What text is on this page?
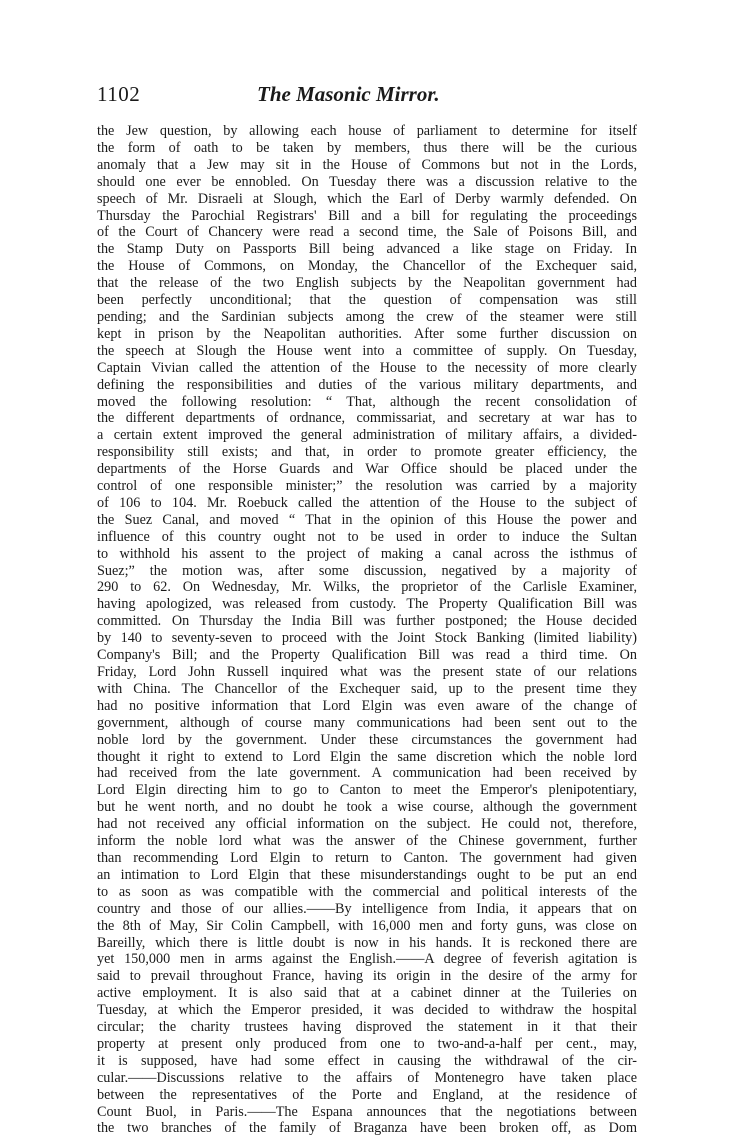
1102	The Masonic Mirror.
the Jew question, by allowing each house of parliament to determine for itself
the form of oath to be taken by members, thus there will be the curious
anomaly that a Jew may sit in the House of Commons but not in the Lords,
should one ever be ennobled. On Tuesday there was a discussion relative to the
speech of Mr. Disraeli at Slough, which the Earl of Derby warmly defended. On
Thursday the Parochial Registrars' Bill and a bill for regulating the proceedings
of the Court of Chancery were read a second time, the Sale of Poisons Bill, and
the Stamp Duty on Passports Bill being advanced a like stage on Friday. In
the House of Commons, on Monday, the Chancellor of the Exchequer said,
that the release of the two English subjects by the Neapolitan government had
been perfectly unconditional; that the question of compensation was still
pending; and the Sardinian subjects among the crew of the steamer were still
kept in prison by the Neapolitan authorities. After some further discussion on
the speech at Slough the House went into a committee of supply. On Tuesday,
Captain Vivian called the attention of the House to the necessity of more clearly
defining the responsibilities and duties of the various military departments, and
moved the following resolution: “ That, although the recent consolidation of
the different departments of ordnance, commissariat, and secretary at war has to
a certain extent improved the general administration of military affairs, a divided-
responsibility still exists; and that, in order to promote greater efficiency, the
departments of the Horse Guards and War Office should be placed under the
control of one responsible minister;” the resolution was carried by a majority
of 106 to 104. Mr. Roebuck called the attention of the House to the subject of
the Suez Canal, and moved “ That in the opinion of this House the power and
influence of this country ought not to be used in order to induce the Sultan
to withhold his assent to the project of making a canal across the isthmus of
Suez;” the motion was, after some discussion, negatived by a majority of
290 to 62. On Wednesday, Mr. Wilks, the proprietor of the Carlisle Examiner,
having apologized, was released from custody. The Property Qualification Bill was
committed. On Thursday the India Bill was further postponed; the House decided
by 140 to seventy-seven to proceed with the Joint Stock Banking (limited liability)
Company's Bill; and the Property Qualification Bill was read a third time. On
Friday, Lord John Russell inquired what was the present state of our relations
with China. The Chancellor of the Exchequer said, up to the present time they
had no positive information that Lord Elgin was even aware of the change of
government, although of course many communications had been sent out to the
noble lord by the government. Under these circumstances the government had
thought it right to extend to Lord Elgin the same discretion which the noble lord
had received from the late government. A communication had been received by
Lord Elgin directing him to go to Canton to meet the Emperor's plenipotentiary,
but he went north, and no doubt he took a wise course, although the government
had not received any official information on the subject. He could not, therefore,
inform the noble lord what was the answer of the Chinese government, further
than recommending Lord Elgin to return to Canton. The government had given
an intimation to Lord Elgin that these misunderstandings ought to be put an end
to as soon as was compatible with the commercial and political interests of the
country and those of our allies.——By intelligence from India, it appears that on
the 8th of May, Sir Colin Campbell, with 16,000 men and forty guns, was close on
Bareilly, which there is little doubt is now in his hands. It is reckoned there are
yet 150,000 men in arms against the English.——A degree of feverish agitation is
said to prevail throughout France, having its origin in the desire of the army for
active employment. It is also said that at a cabinet dinner at the Tuileries on
Tuesday, at which the Emperor presided, it was decided to withdraw the hospital
circular; the charity trustees having disproved the statement in it that their
property at present only produced from one to two-and-a-half per cent., may,
it is supposed, have had some effect in causing the withdrawal of the cir-
cular.——Discussions relative to the affairs of Montenegro have taken place
between the representatives of the Porte and England, at the residence of
Count Buol, in Paris.——The Espana announces that the negotiations between
the two branches of the family of Braganza have been broken off, as Dom
